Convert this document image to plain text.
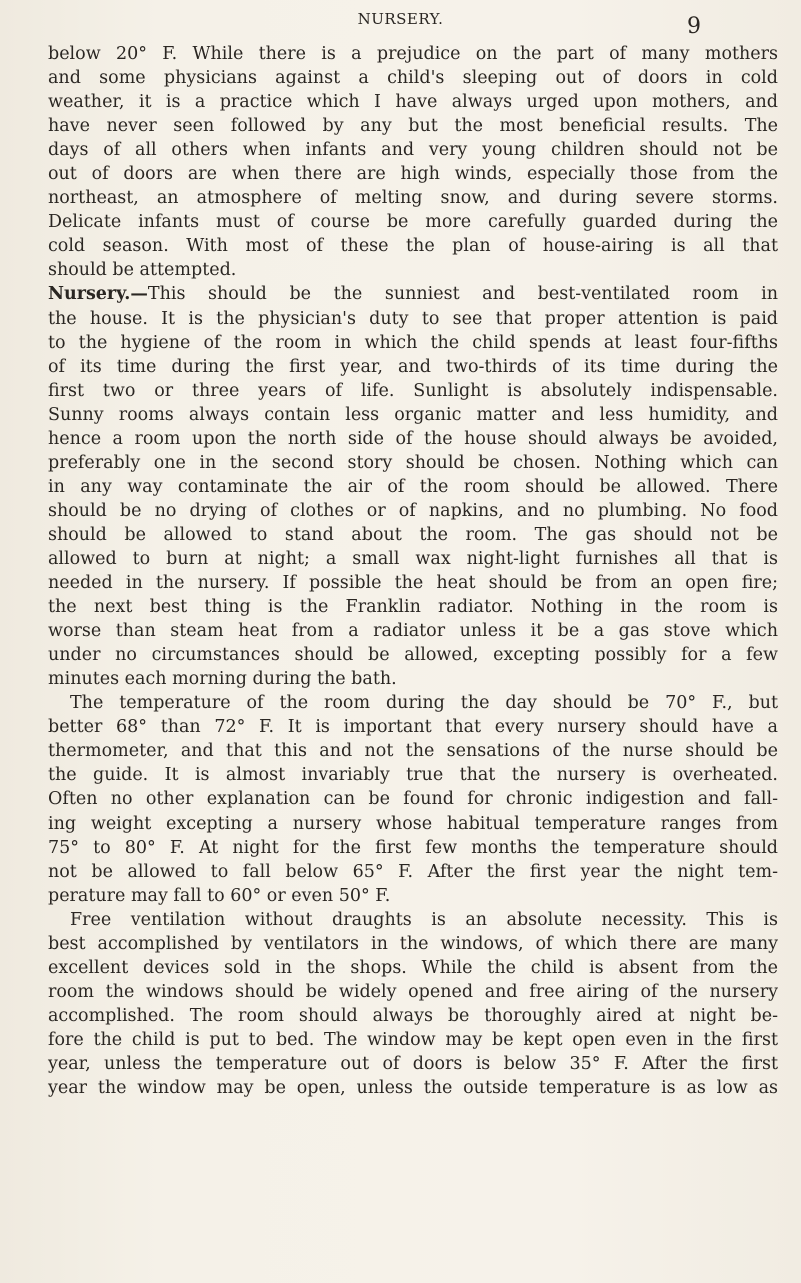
NURSERY.	9
below 20° F. While there is a prejudice on the part of many mothers
and some physicians against a child's sleeping out of doors in cold
weather, it is a practice which I have always urged upon mothers, and
have never seen followed by any but the most beneficial results. The
days of all others when infants and very young children should not be
out of doors are when there are high winds, especially those from the
northeast, an atmosphere of melting snow, and during severe storms.
Delicate infants must of course be more carefully guarded during the
cold season. With most of these the plan of house-airing is all that
should be attempted.
Nursery.—This should be the sunniest and best-ventilated room in
the house. It is the physician's duty to see that proper attention is paid
to the hygiene of the room in which the child spends at least four-fifths
of its time during the first year, and two-thirds of its time during the
first two or three years of life. Sunlight is absolutely indispensable.
Sunny rooms always contain less organic matter and less humidity, and
hence a room upon the north side of the house should always be avoided,
preferably one in the second story should be chosen. Nothing which can
in any way contaminate the air of the room should be allowed. There
should be no drying of clothes or of napkins, and no plumbing. No food
should be allowed to stand about the room. The gas should not be
allowed to burn at night; a small wax night-light furnishes all that is
needed in the nursery. If possible the heat should be from an open fire;
the next best thing is the Franklin radiator. Nothing in the room is
worse than steam heat from a radiator unless it be a gas stove which
under no circumstances should be allowed, excepting possibly for a few
minutes each morning during the bath.
The temperature of the room during the day should be 70° F., but
better 68° than 72° F. It is important that every nursery should have a
thermometer, and that this and not the sensations of the nurse should be
the guide. It is almost invariably true that the nursery is overheated.
Often no other explanation can be found for chronic indigestion and fall-
ing weight excepting a nursery whose habitual temperature ranges from
75° to 80° F. At night for the first few months the temperature should
not be allowed to fall below 65° F. After the first year the night tem-
perature may fall to 60° or even 50° F.
Free ventilation without draughts is an absolute necessity. This is
best accomplished by ventilators in the windows, of which there are many
excellent devices sold in the shops. While the child is absent from the
room the windows should be widely opened and free airing of the nursery
accomplished. The room should always be thoroughly aired at night be-
fore the child is put to bed. The window may be kept open even in the first
year, unless the temperature out of doors is below 35° F. After the first
year the window may be open, unless the outside temperature is as low as
